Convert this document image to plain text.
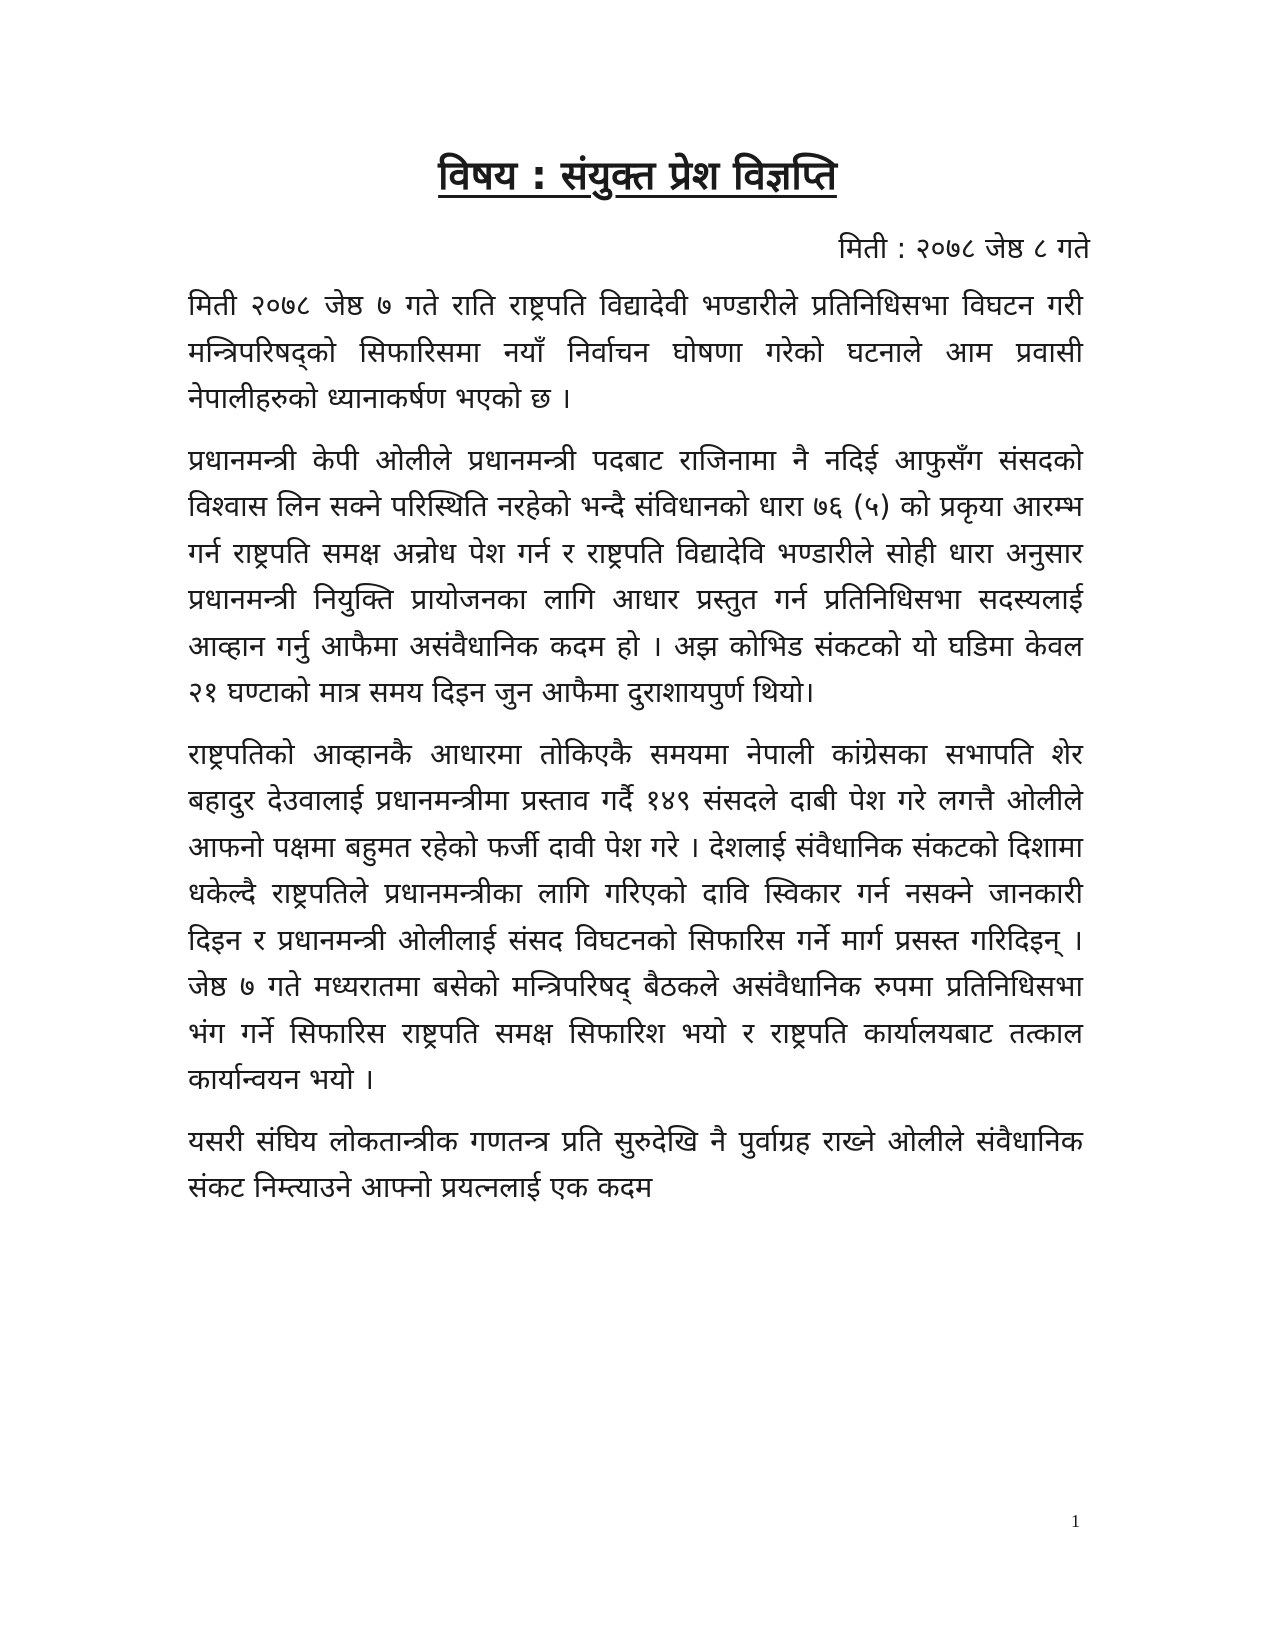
विषय : संयुक्त प्रेश विज्ञप्ति

मिती : २०७८ जेष्ठ ८ गते

मिती २०७८ जेष्ठ ७ गते राति राष्ट्रपति विद्यादेवी भण्डारीले प्रतिनिधिसभा विघटन गरी मन्त्रिपरिषद्को सिफारिसमा नयाँ निर्वाचन घोषणा गरेको घटनाले आम प्रवासी नेपालीहरुको ध्यानाकर्षण भएको छ ।

प्रधानमन्त्री केपी ओलीले प्रधानमन्त्री पदबाट राजिनामा नै नदिई आफुसँग संसदको विश्वास लिन सक्ने परिस्थिति नरहेको भन्दै संविधानको धारा ७६ (५) को प्रकृया आरम्भ गर्न राष्ट्रपति समक्ष अन्रोध पेश गर्न र राष्ट्रपति विद्यादेवि भण्डारीले सोही धारा अनुसार प्रधानमन्त्री नियुक्ति प्रायोजनका लागि आधार प्रस्तुत गर्न प्रतिनिधिसभा सदस्यलाई आव्हान गर्नु आफैमा असंवैधानिक कदम हो । अझ कोभिड संकटको यो घडिमा केवल २१ घण्टाको मात्र समय दिइन जुन आफैमा दुराशायपुर्ण थियो।

राष्ट्रपतिको आव्हानकै आधारमा तोकिएकै समयमा नेपाली कांग्रेसका सभापति शेर बहादुर देउवालाई प्रधानमन्त्रीमा प्रस्ताव गर्दै १४९ संसदले दाबी पेश गरे लगत्तै ओलीले आफनो पक्षमा बहुमत रहेको फर्जी दावी पेश गरे । देशलाई संवैधानिक संकटको दिशामा धकेल्दै राष्ट्रपतिले प्रधानमन्त्रीका लागि गरिएको दावि स्विकार गर्न नसक्ने जानकारी दिइन र प्रधानमन्त्री ओलीलाई संसद विघटनको सिफारिस गर्ने मार्ग प्रसस्त गरिदिइन् । जेष्ठ ७ गते मध्यरातमा बसेको मन्त्रिपरिषद् बैठकले असंवैधानिक रुपमा प्रतिनिधिसभा भंग गर्ने सिफारिस राष्ट्रपति समक्ष सिफारिश भयो र राष्ट्रपति कार्यालयबाट तत्काल कार्यान्वयन भयो ।

यसरी संघिय लोकतान्त्रीक गणतन्त्र प्रति सुरुदेखि नै पुर्वाग्रह राख्ने ओलीले संवैधानिक संकट निम्त्याउने आफ्नो प्रयत्नलाई एक कदम

1
